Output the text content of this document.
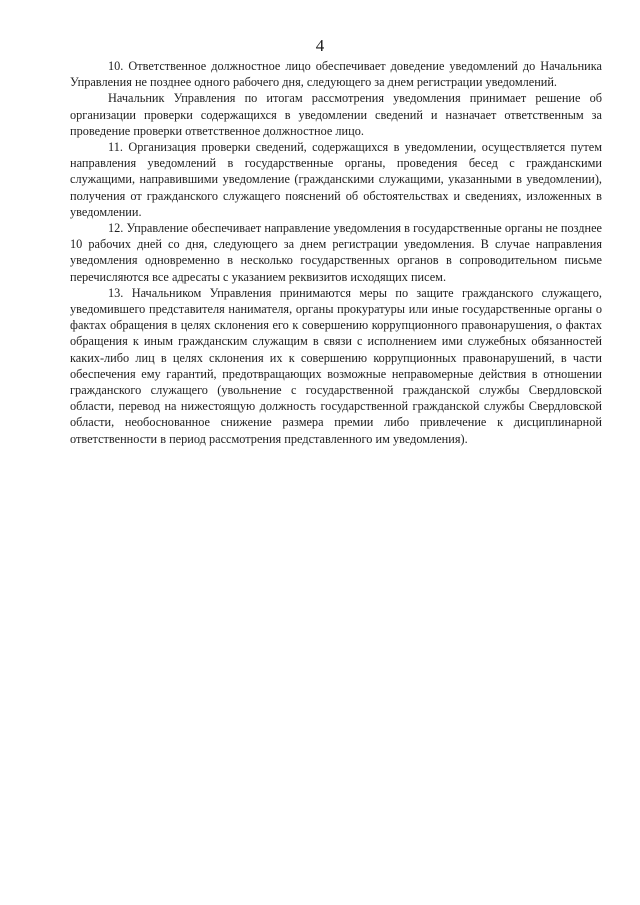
4

10. Ответственное должностное лицо обеспечивает доведение уведомлений до Начальника Управления не позднее одного рабочего дня, следующего за днем регистрации уведомлений.

Начальник Управления по итогам рассмотрения уведомления принимает решение об организации проверки содержащихся в уведомлении сведений и назначает ответственным за проведение проверки ответственное должностное лицо.

11. Организация проверки сведений, содержащихся в уведомлении, осуществляется путем направления уведомлений в государственные органы, проведения бесед с гражданскими служащими, направившими уведомление (гражданскими служащими, указанными в уведомлении), получения от гражданского служащего пояснений об обстоятельствах и сведениях, изложенных в уведомлении.

12. Управление обеспечивает направление уведомления в государственные органы не позднее 10 рабочих дней со дня, следующего за днем регистрации уведомления. В случае направления уведомления одновременно в несколько государственных органов в сопроводительном письме перечисляются все адресаты с указанием реквизитов исходящих писем.

13. Начальником Управления принимаются меры по защите гражданского служащего, уведомившего представителя нанимателя, органы прокуратуры или иные государственные органы о фактах обращения в целях склонения его к совершению коррупционного правонарушения, о фактах обращения к иным гражданским служащим в связи с исполнением ими служебных обязанностей каких-либо лиц в целях склонения их к совершению коррупционных правонарушений, в части обеспечения ему гарантий, предотвращающих возможные неправомерные действия в отношении гражданского служащего (увольнение с государственной гражданской службы Свердловской области, перевод на нижестоящую должность государственной гражданской службы Свердловской области, необоснованное снижение размера премии либо привлечение к дисциплинарной ответственности в период рассмотрения представленного им уведомления).
